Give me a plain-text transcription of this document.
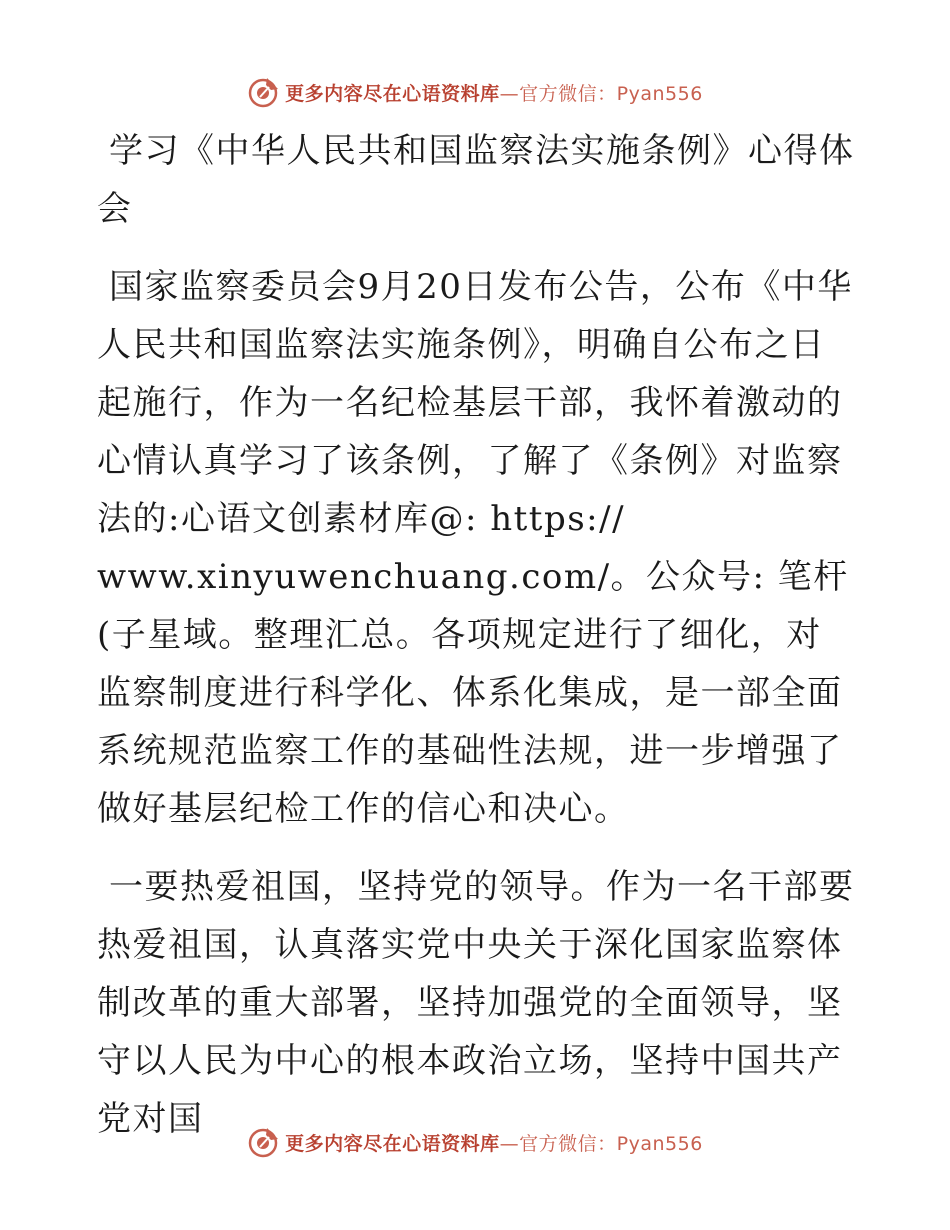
更多内容尽在心语资料库—官方微信：Pyan556

学习《中华人民共和国监察法实施条例》心得体会

国家监察委员会9月20日发布公告，公布《中华人民共和国监察法实施条例》，明确自公布之日起施行，作为一名纪检基层干部，我怀着激动的心情认真学习了该条例，了解了《条例》对监察法的:心语文创素材库@: https://

www.xinyuwenchuang.com/。公众号: 笔杆 (子星域。整理汇总。各项规定进行了细化，对监察制度进行科学化、体系化集成，是一部全面系统规范监察工作的基础性法规，进一步增强了做好基层纪检工作的信心和决心。

一要热爱祖国，坚持党的领导。作为一名干部要热爱祖国，认真落实党中央关于深化国家监察体制改革的重大部署，坚持加强党的全面领导，坚守以人民为中心的根本政治立场，坚持中国共产党对国

更多内容尽在心语资料库—官方微信：Pyan556
